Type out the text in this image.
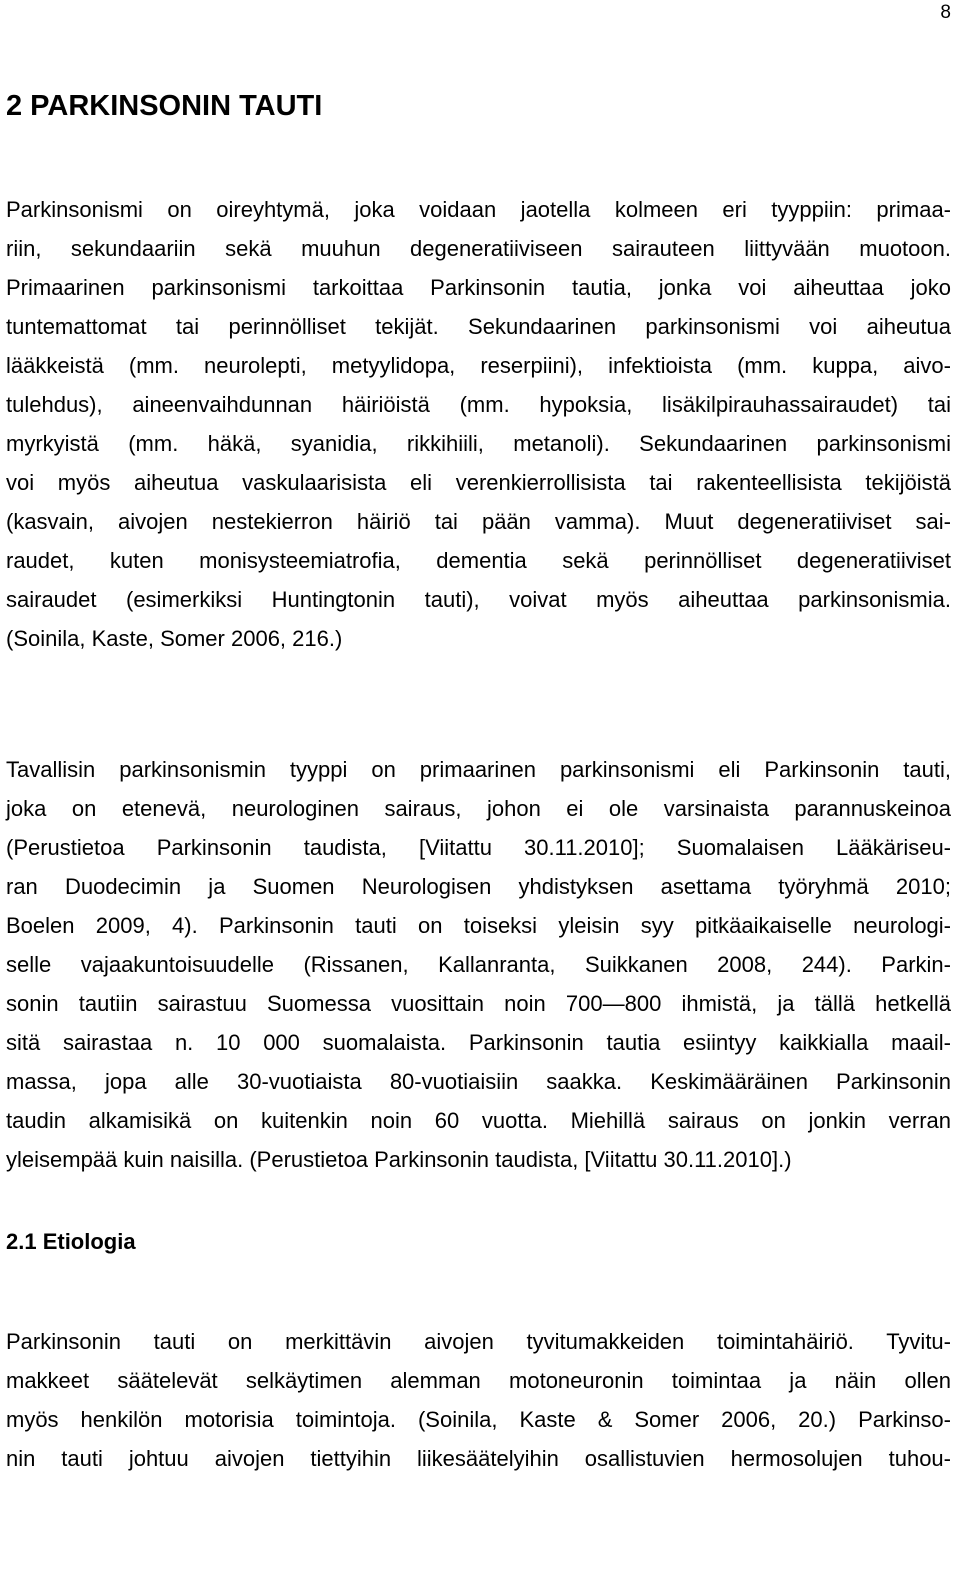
8
2 PARKINSONIN TAUTI
Parkinsonismi on oireyhtymä, joka voidaan jaotella kolmeen eri tyyppiin: primaa-
riin, sekundaariin sekä muuhun degeneratiiviseen sairauteen liittyvään muotoon.
Primaarinen parkinsonismi tarkoittaa Parkinsonin tautia, jonka voi aiheuttaa joko
tuntemattomat tai perinnölliset tekijät. Sekundaarinen parkinsonismi voi aiheutua
lääkkeistä (mm. neurolepti, metyylidopa, reserpiini), infektioista (mm. kuppa, aivo-
tulehdus), aineenvaihdunnan häiriöistä (mm. hypoksia, lisäkilpirauhassairaudet) tai
myrkyistä (mm. häkä, syanidia, rikkihiili, metanoli). Sekundaarinen parkinsonismi
voi myös aiheutua vaskulaarisista eli verenkierrollisista tai rakenteellisista tekijöistä
(kasvain, aivojen nestekierron häiriö tai pään vamma). Muut degeneratiiviset sai-
raudet, kuten monisysteemiatrofia, dementia sekä perinnölliset degeneratiiviset
sairaudet (esimerkiksi Huntingtonin tauti), voivat myös aiheuttaa parkinsonismia.
(Soinila, Kaste, Somer 2006, 216.)
Tavallisin parkinsonismin tyyppi on primaarinen parkinsonismi eli Parkinsonin tauti,
joka on etenevä, neurologinen sairaus, johon ei ole varsinaista parannuskeinoa
(Perustietoa Parkinsonin taudista, [Viitattu 30.11.2010]; Suomalaisen Lääkäriseu-
ran Duodecimin ja Suomen Neurologisen yhdistyksen asettama työryhmä 2010;
Boelen 2009, 4). Parkinsonin tauti on toiseksi yleisin syy pitkäaikaiselle neurologi-
selle vajaakuntoisuudelle (Rissanen, Kallanranta, Suikkanen 2008, 244). Parkin-
sonin tautiin sairastuu Suomessa vuosittain noin 700—800 ihmistä, ja tällä hetkellä
sitä sairastaa n. 10 000 suomalaista. Parkinsonin tautia esiintyy kaikkialla maail-
massa, jopa alle 30-vuotiaista 80-vuotiaisiin saakka. Keskimääräinen Parkinsonin
taudin alkamisikä on kuitenkin noin 60 vuotta. Miehillä sairaus on jonkin verran
yleisempää kuin naisilla. (Perustietoa Parkinsonin taudista, [Viitattu 30.11.2010].)
2.1 Etiologia
Parkinsonin tauti on merkittävin aivojen tyvitumakkeiden toimintahäiriö. Tyvitu-
makkeet säätelevät selkäytimen alemman motoneuronin toimintaa ja näin ollen
myös henkilön motorisia toimintoja. (Soinila, Kaste & Somer 2006, 20.) Parkinso-
nin tauti johtuu aivojen tiettyihin liikesäätelyihin osallistuvien hermosolujen tuhou-
